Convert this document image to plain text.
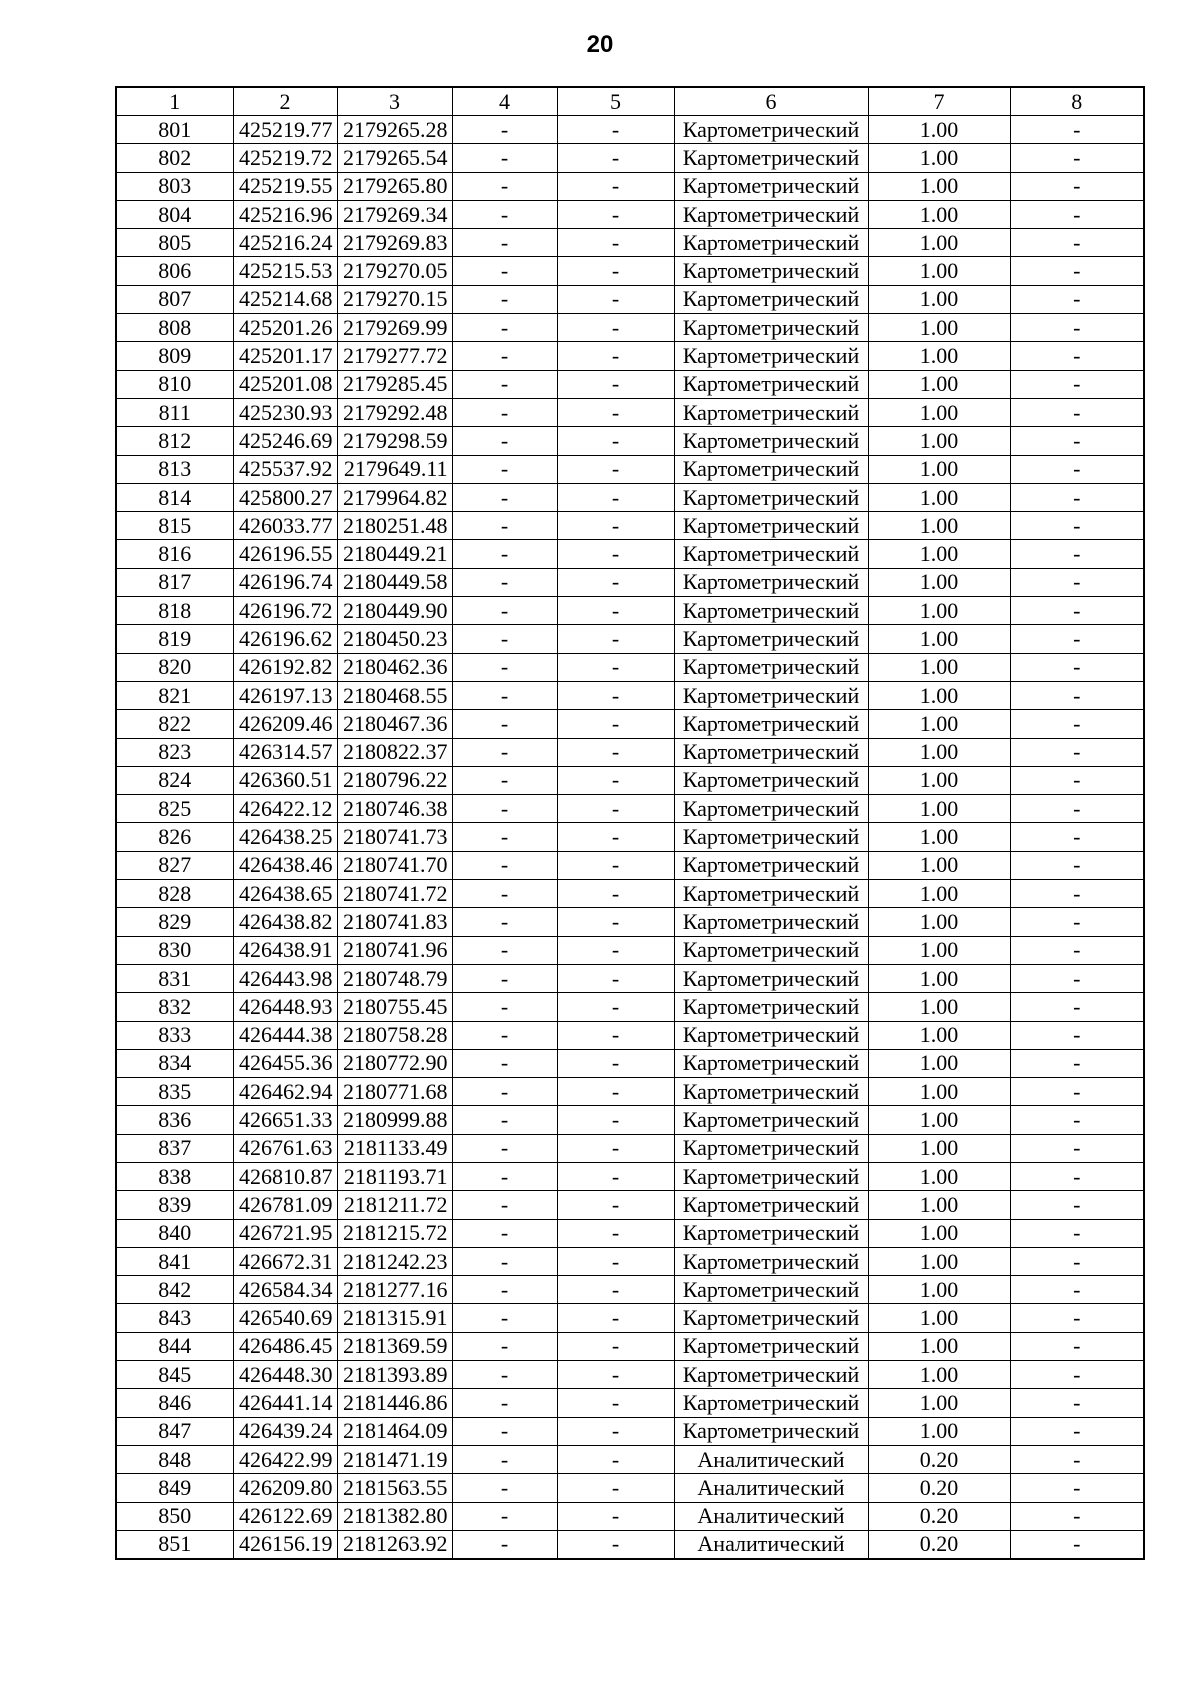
20
1	2	3	4	5	6	7	8
801	425219.77	2179265.28	-	-	Картометрический	1.00	-
802	425219.72	2179265.54	-	-	Картометрический	1.00	-
803	425219.55	2179265.80	-	-	Картометрический	1.00	-
804	425216.96	2179269.34	-	-	Картометрический	1.00	-
805	425216.24	2179269.83	-	-	Картометрический	1.00	-
806	425215.53	2179270.05	-	-	Картометрический	1.00	-
807	425214.68	2179270.15	-	-	Картометрический	1.00	-
808	425201.26	2179269.99	-	-	Картометрический	1.00	-
809	425201.17	2179277.72	-	-	Картометрический	1.00	-
810	425201.08	2179285.45	-	-	Картометрический	1.00	-
811	425230.93	2179292.48	-	-	Картометрический	1.00	-
812	425246.69	2179298.59	-	-	Картометрический	1.00	-
813	425537.92	2179649.11	-	-	Картометрический	1.00	-
814	425800.27	2179964.82	-	-	Картометрический	1.00	-
815	426033.77	2180251.48	-	-	Картометрический	1.00	-
816	426196.55	2180449.21	-	-	Картометрический	1.00	-
817	426196.74	2180449.58	-	-	Картометрический	1.00	-
818	426196.72	2180449.90	-	-	Картометрический	1.00	-
819	426196.62	2180450.23	-	-	Картометрический	1.00	-
820	426192.82	2180462.36	-	-	Картометрический	1.00	-
821	426197.13	2180468.55	-	-	Картометрический	1.00	-
822	426209.46	2180467.36	-	-	Картометрический	1.00	-
823	426314.57	2180822.37	-	-	Картометрический	1.00	-
824	426360.51	2180796.22	-	-	Картометрический	1.00	-
825	426422.12	2180746.38	-	-	Картометрический	1.00	-
826	426438.25	2180741.73	-	-	Картометрический	1.00	-
827	426438.46	2180741.70	-	-	Картометрический	1.00	-
828	426438.65	2180741.72	-	-	Картометрический	1.00	-
829	426438.82	2180741.83	-	-	Картометрический	1.00	-
830	426438.91	2180741.96	-	-	Картометрический	1.00	-
831	426443.98	2180748.79	-	-	Картометрический	1.00	-
832	426448.93	2180755.45	-	-	Картометрический	1.00	-
833	426444.38	2180758.28	-	-	Картометрический	1.00	-
834	426455.36	2180772.90	-	-	Картометрический	1.00	-
835	426462.94	2180771.68	-	-	Картометрический	1.00	-
836	426651.33	2180999.88	-	-	Картометрический	1.00	-
837	426761.63	2181133.49	-	-	Картометрический	1.00	-
838	426810.87	2181193.71	-	-	Картометрический	1.00	-
839	426781.09	2181211.72	-	-	Картометрический	1.00	-
840	426721.95	2181215.72	-	-	Картометрический	1.00	-
841	426672.31	2181242.23	-	-	Картометрический	1.00	-
842	426584.34	2181277.16	-	-	Картометрический	1.00	-
843	426540.69	2181315.91	-	-	Картометрический	1.00	-
844	426486.45	2181369.59	-	-	Картометрический	1.00	-
845	426448.30	2181393.89	-	-	Картометрический	1.00	-
846	426441.14	2181446.86	-	-	Картометрический	1.00	-
847	426439.24	2181464.09	-	-	Картометрический	1.00	-
848	426422.99	2181471.19	-	-	Аналитический	0.20	-
849	426209.80	2181563.55	-	-	Аналитический	0.20	-
850	426122.69	2181382.80	-	-	Аналитический	0.20	-
851	426156.19	2181263.92	-	-	Аналитический	0.20	-
